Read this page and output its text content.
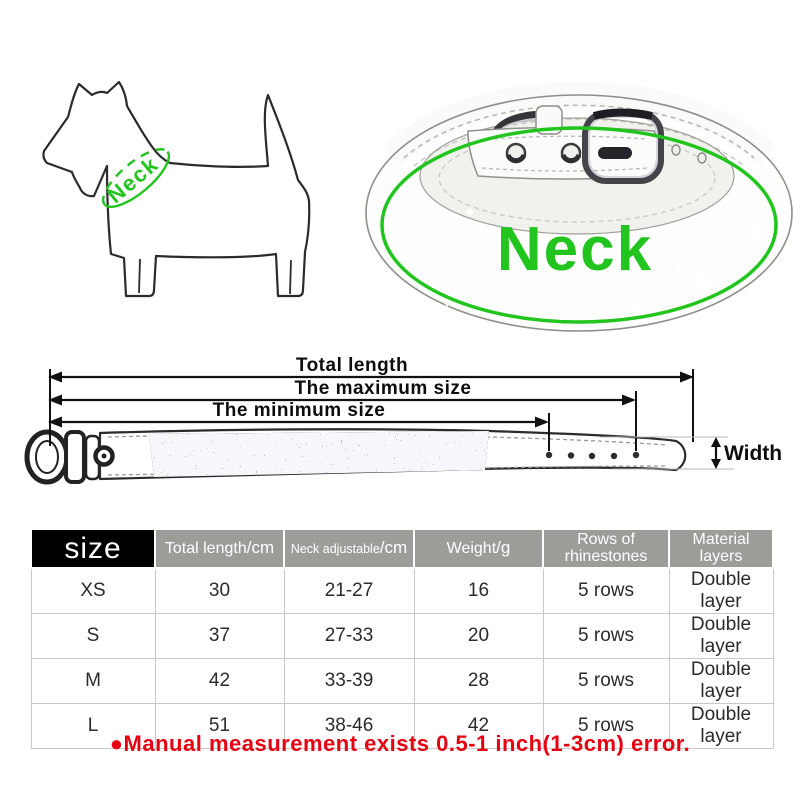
Neck
Neck
Total length
The maximum size
The minimum size
Width
size	Total length/cm	Neck adjustable/cm	Weight/g	Rows of rhinestones	Material layers
XS	30	21-27	16	5 rows	Double layer
S	37	27-33	20	5 rows	Double layer
M	42	33-39	28	5 rows	Double layer
L	51	38-46	42	5 rows	Double layer
●Manual measurement exists 0.5-1 inch(1-3cm) error.
